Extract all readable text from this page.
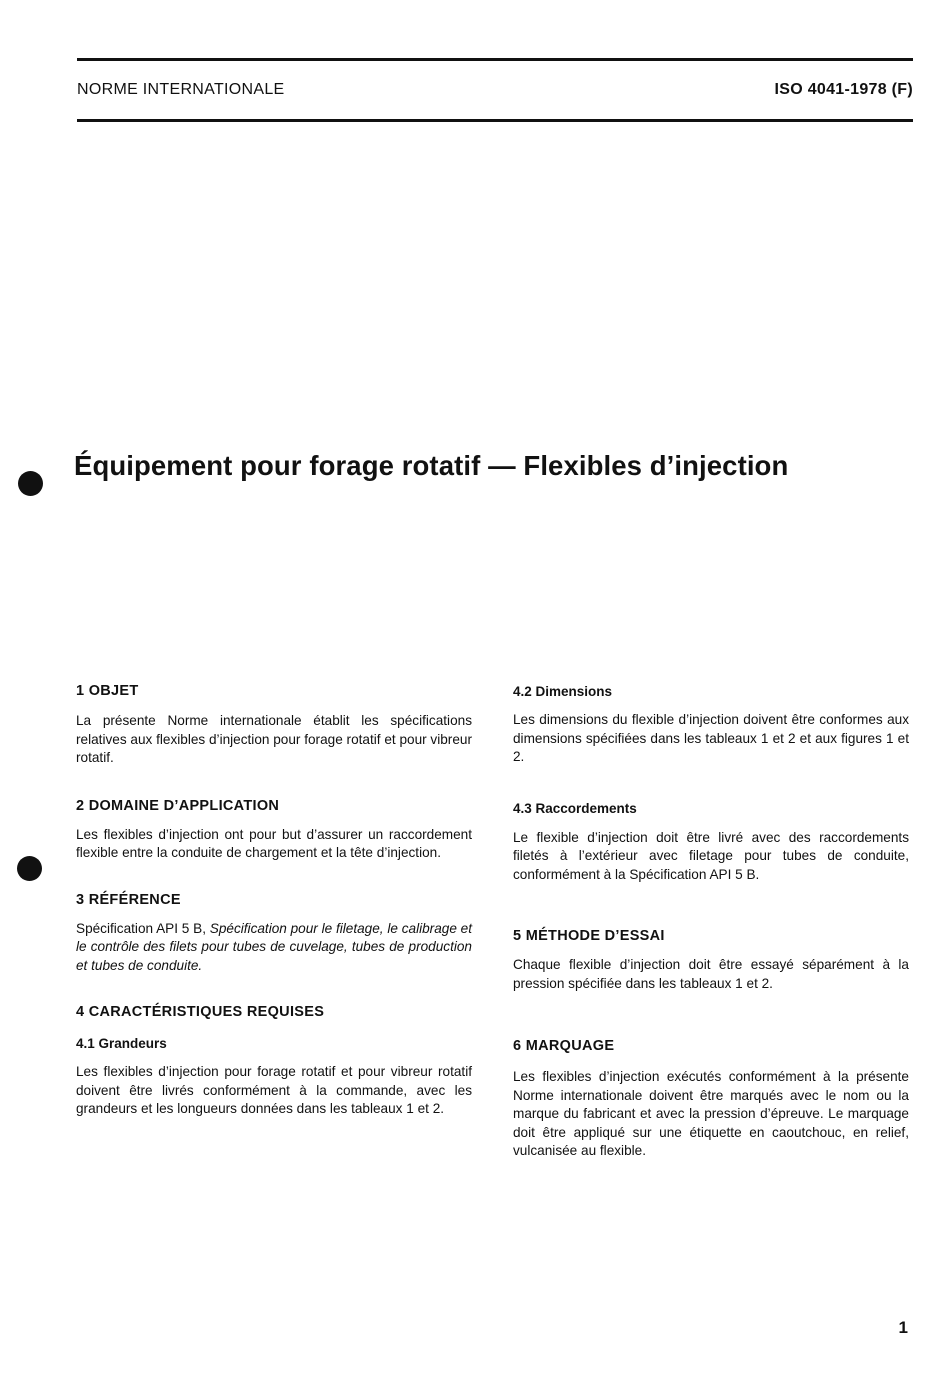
NORME INTERNATIONALE	ISO 4041-1978 (F)
Équipement pour forage rotatif — Flexibles d’injection

1 OBJET

La présente Norme internationale établit les spécifications relatives aux flexibles d’injection pour forage rotatif et pour vibreur rotatif.

2 DOMAINE D’APPLICATION

Les flexibles d’injection ont pour but d’assurer un raccordement flexible entre la conduite de chargement et la tête d’injection.

3 RÉFÉRENCE

Spécification API 5 B, Spécification pour le filetage, le calibrage et le contrôle des filets pour tubes de cuvelage, tubes de production et tubes de conduite.

4 CARACTÉRISTIQUES REQUISES

4.1 Grandeurs

Les flexibles d’injection pour forage rotatif et pour vibreur rotatif doivent être livrés conformément à la commande, avec les grandeurs et les longueurs données dans les tableaux 1 et 2.

4.2 Dimensions

Les dimensions du flexible d’injection doivent être conformes aux dimensions spécifiées dans les tableaux 1 et 2 et aux figures 1 et 2.

4.3 Raccordements

Le flexible d’injection doit être livré avec des raccordements filetés à l’extérieur avec filetage pour tubes de conduite, conformément à la Spécification API 5 B.

5 MÉTHODE D’ESSAI

Chaque flexible d’injection doit être essayé séparément à la pression spécifiée dans les tableaux 1 et 2.

6 MARQUAGE

Les flexibles d’injection exécutés conformément à la présente Norme internationale doivent être marqués avec le nom ou la marque du fabricant et avec la pression d’épreuve. Le marquage doit être appliqué sur une étiquette en caoutchouc, en relief, vulcanisée au flexible.

1
